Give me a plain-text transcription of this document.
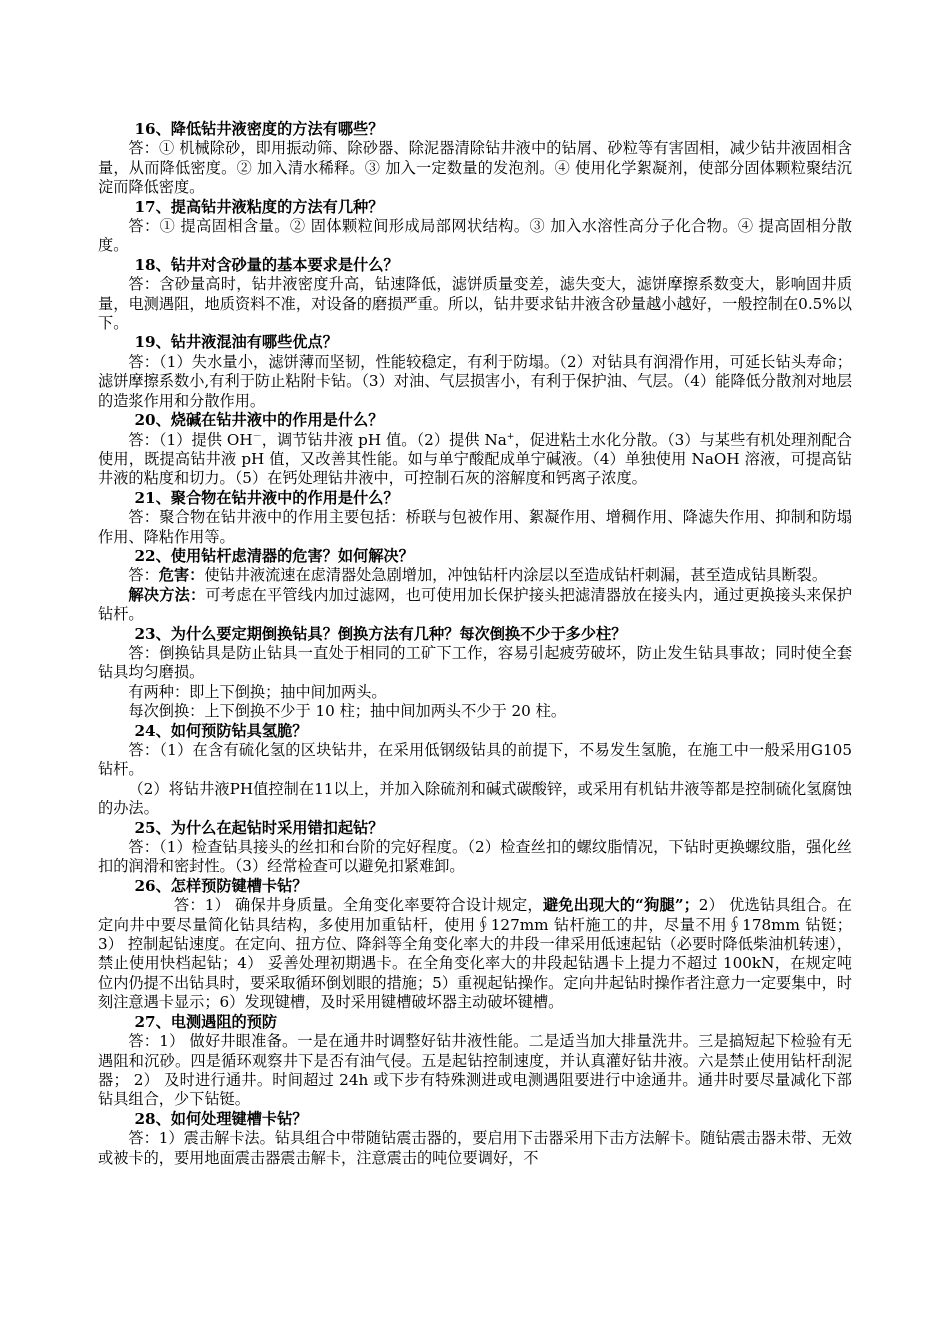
16、降低钻井液密度的方法有哪些？

答：① 机械除砂，即用振动筛、除砂器、除泥器清除钻井液中的钻屑、砂粒等有害固相，减少钻井液固相含量，从而降低密度。② 加入清水稀释。③ 加入一定数量的发泡剂。④ 使用化学絮凝剂，使部分固体颗粒聚结沉淀而降低密度。

17、提高钻井液粘度的方法有几种？

答：① 提高固相含量。② 固体颗粒间形成局部网状结构。③ 加入水溶性高分子化合物。④ 提高固相分散度。

18、钻井对含砂量的基本要求是什么？

答：含砂量高时，钻井液密度升高，钻速降低，滤饼质量变差，滤失变大，滤饼摩擦系数变大，影响固井质量，电测遇阻，地质资料不准，对设备的磨损严重。所以，钻井要求钻井液含砂量越小越好，一般控制在0.5%以下。

19、钻井液混油有哪些优点？

答：（1）失水量小，滤饼薄而坚韧，性能较稳定，有利于防塌。（2）对钻具有润滑作用，可延长钻头寿命；滤饼摩擦系数小,有利于防止粘附卡钻。（3）对油、气层损害小，有利于保护油、气层。（4）能降低分散剂对地层的造浆作用和分散作用。

20、烧碱在钻井液中的作用是什么？

答：（1）提供 OH－，调节钻井液 pH 值。（2）提供 Na+，促进粘土水化分散。（3）与某些有机处理剂配合使用，既提高钻井液 pH 值，又改善其性能。如与单宁酸配成单宁碱液。（4）单独使用 NaOH 溶液，可提高钻井液的粘度和切力。（5）在钙处理钻井液中，可控制石灰的溶解度和钙离子浓度。

21、聚合物在钻井液中的作用是什么？

答：聚合物在钻井液中的作用主要包括：桥联与包被作用、絮凝作用、增稠作用、降滤失作用、抑制和防塌作用、降粘作用等。

22、使用钻杆虑清器的危害？如何解决？

答：危害：使钻井液流速在虑清器处急剧增加，冲蚀钻杆内涂层以至造成钻杆刺漏，甚至造成钻具断裂。

解决方法：可考虑在平管线内加过滤网，也可使用加长保护接头把滤清器放在接头内，通过更换接头来保护钻杆。

23、为什么要定期倒换钻具？倒换方法有几种？每次倒换不少于多少柱？

答：倒换钻具是防止钻具一直处于相同的工矿下工作，容易引起疲劳破坏，防止发生钻具事故；同时使全套钻具均匀磨损。

有两种：即上下倒换；抽中间加两头。

每次倒换：上下倒换不少于 10 柱；抽中间加两头不少于 20 柱。

24、如何预防钻具氢脆？

答：（1）在含有硫化氢的区块钻井，在采用低钢级钻具的前提下，不易发生氢脆，在施工中一般采用G105钻杆。

（2）将钻井液PH值控制在11以上，并加入除硫剂和碱式碳酸锌，或采用有机钻井液等都是控制硫化氢腐蚀的办法。

25、为什么在起钻时采用错扣起钻？

答：（1）检查钻具接头的丝扣和台阶的完好程度。（2）检查丝扣的螺纹脂情况，下钻时更换螺纹脂，强化丝扣的润滑和密封性。（3）经常检查可以避免扣紧难卸。

26、怎样预防键槽卡钻？

答：1） 确保井身质量。全角变化率要符合设计规定，避免出现大的“狗腿”；2） 优选钻具组合。在定向井中要尽量简化钻具结构，多使用加重钻杆，使用∮127mm 钻杆施工的井，尽量不用∮178mm 钻铤；3） 控制起钻速度。在定向、扭方位、降斜等全角变化率大的井段一律采用低速起钻（必要时降低柴油机转速），禁止使用快档起钻；4） 妥善处理初期遇卡。在全角变化率大的井段起钻遇卡上提力不超过 100kN，在规定吨位内仍提不出钻具时，要采取循环倒划眼的措施；5）重视起钻操作。定向井起钻时操作者注意力一定要集中，时刻注意遇卡显示；6）发现键槽，及时采用键槽破坏器主动破坏键槽。

27、电测遇阻的预防

答：1） 做好井眼准备。一是在通井时调整好钻井液性能。二是适当加大排量洗井。三是搞短起下检验有无遇阻和沉砂。四是循环观察井下是否有油气侵。五是起钻控制速度，并认真灌好钻井液。六是禁止使用钻杆刮泥器； 2） 及时进行通井。时间超过 24h 或下步有特殊测进或电测遇阻要进行中途通井。通井时要尽量减化下部钻具组合，少下钻铤。

28、如何处理键槽卡钻？

答：1）震击解卡法。钻具组合中带随钻震击器的，要启用下击器采用下击方法解卡。随钻震击器未带、无效或被卡的，要用地面震击器震击解卡，注意震击的吨位要调好，不
